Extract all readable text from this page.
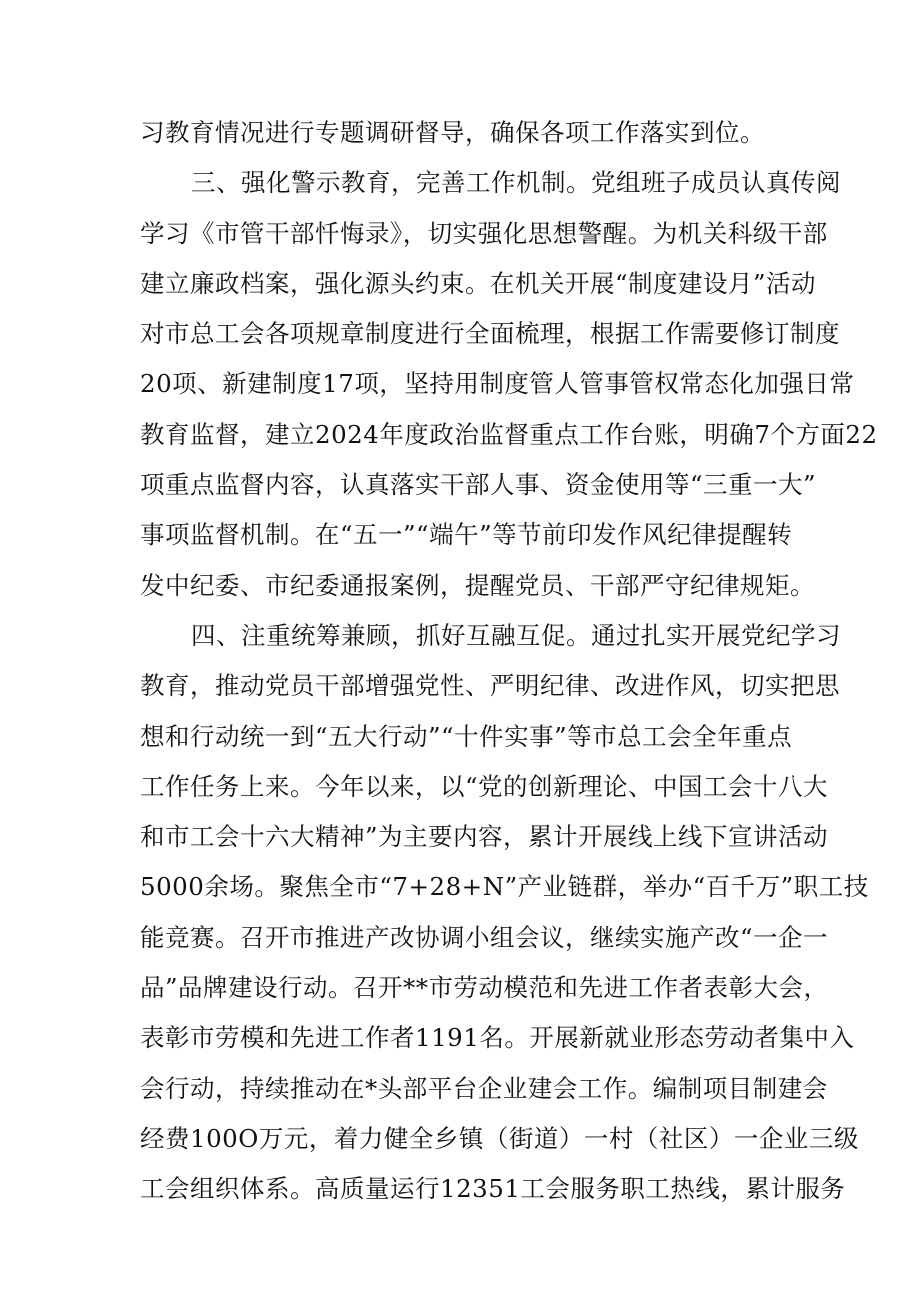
习教育情况进行专题调研督导，确保各项工作落实到位。
三、强化警示教育，完善工作机制。党组班子成员认真传阅
学习《市管干部忏悔录》，切实强化思想警醒。为机关科级干部
建立廉政档案，强化源头约束。在机关开展“制度建设月”活动
对市总工会各项规章制度进行全面梳理，根据工作需要修订制度
20项、新建制度17项，坚持用制度管人管事管权常态化加强日常
教育监督，建立2024年度政治监督重点工作台账，明确7个方面22
项重点监督内容，认真落实干部人事、资金使用等“三重一大”
事项监督机制。在“五一”“端午”等节前印发作风纪律提醒转
发中纪委、市纪委通报案例，提醒党员、干部严守纪律规矩。
四、注重统筹兼顾，抓好互融互促。通过扎实开展党纪学习
教育，推动党员干部增强党性、严明纪律、改进作风，切实把思
想和行动统一到“五大行动”“十件实事”等市总工会全年重点
工作任务上来。今年以来，以“党的创新理论、中国工会十八大
和市工会十六大精神”为主要内容，累计开展线上线下宣讲活动
5000余场。聚焦全市“7+28+N”产业链群，举办“百千万”职工技
能竞赛。召开市推进产改协调小组会议，继续实施产改“一企一
品”品牌建设行动。召开**市劳动模范和先进工作者表彰大会，
表彰市劳模和先进工作者1191名。开展新就业形态劳动者集中入
会行动，持续推动在*头部平台企业建会工作。编制项目制建会
经费100O万元，着力健全乡镇（街道）一村（社区）一企业三级
工会组织体系。高质量运行12351工会服务职工热线，累计服务
